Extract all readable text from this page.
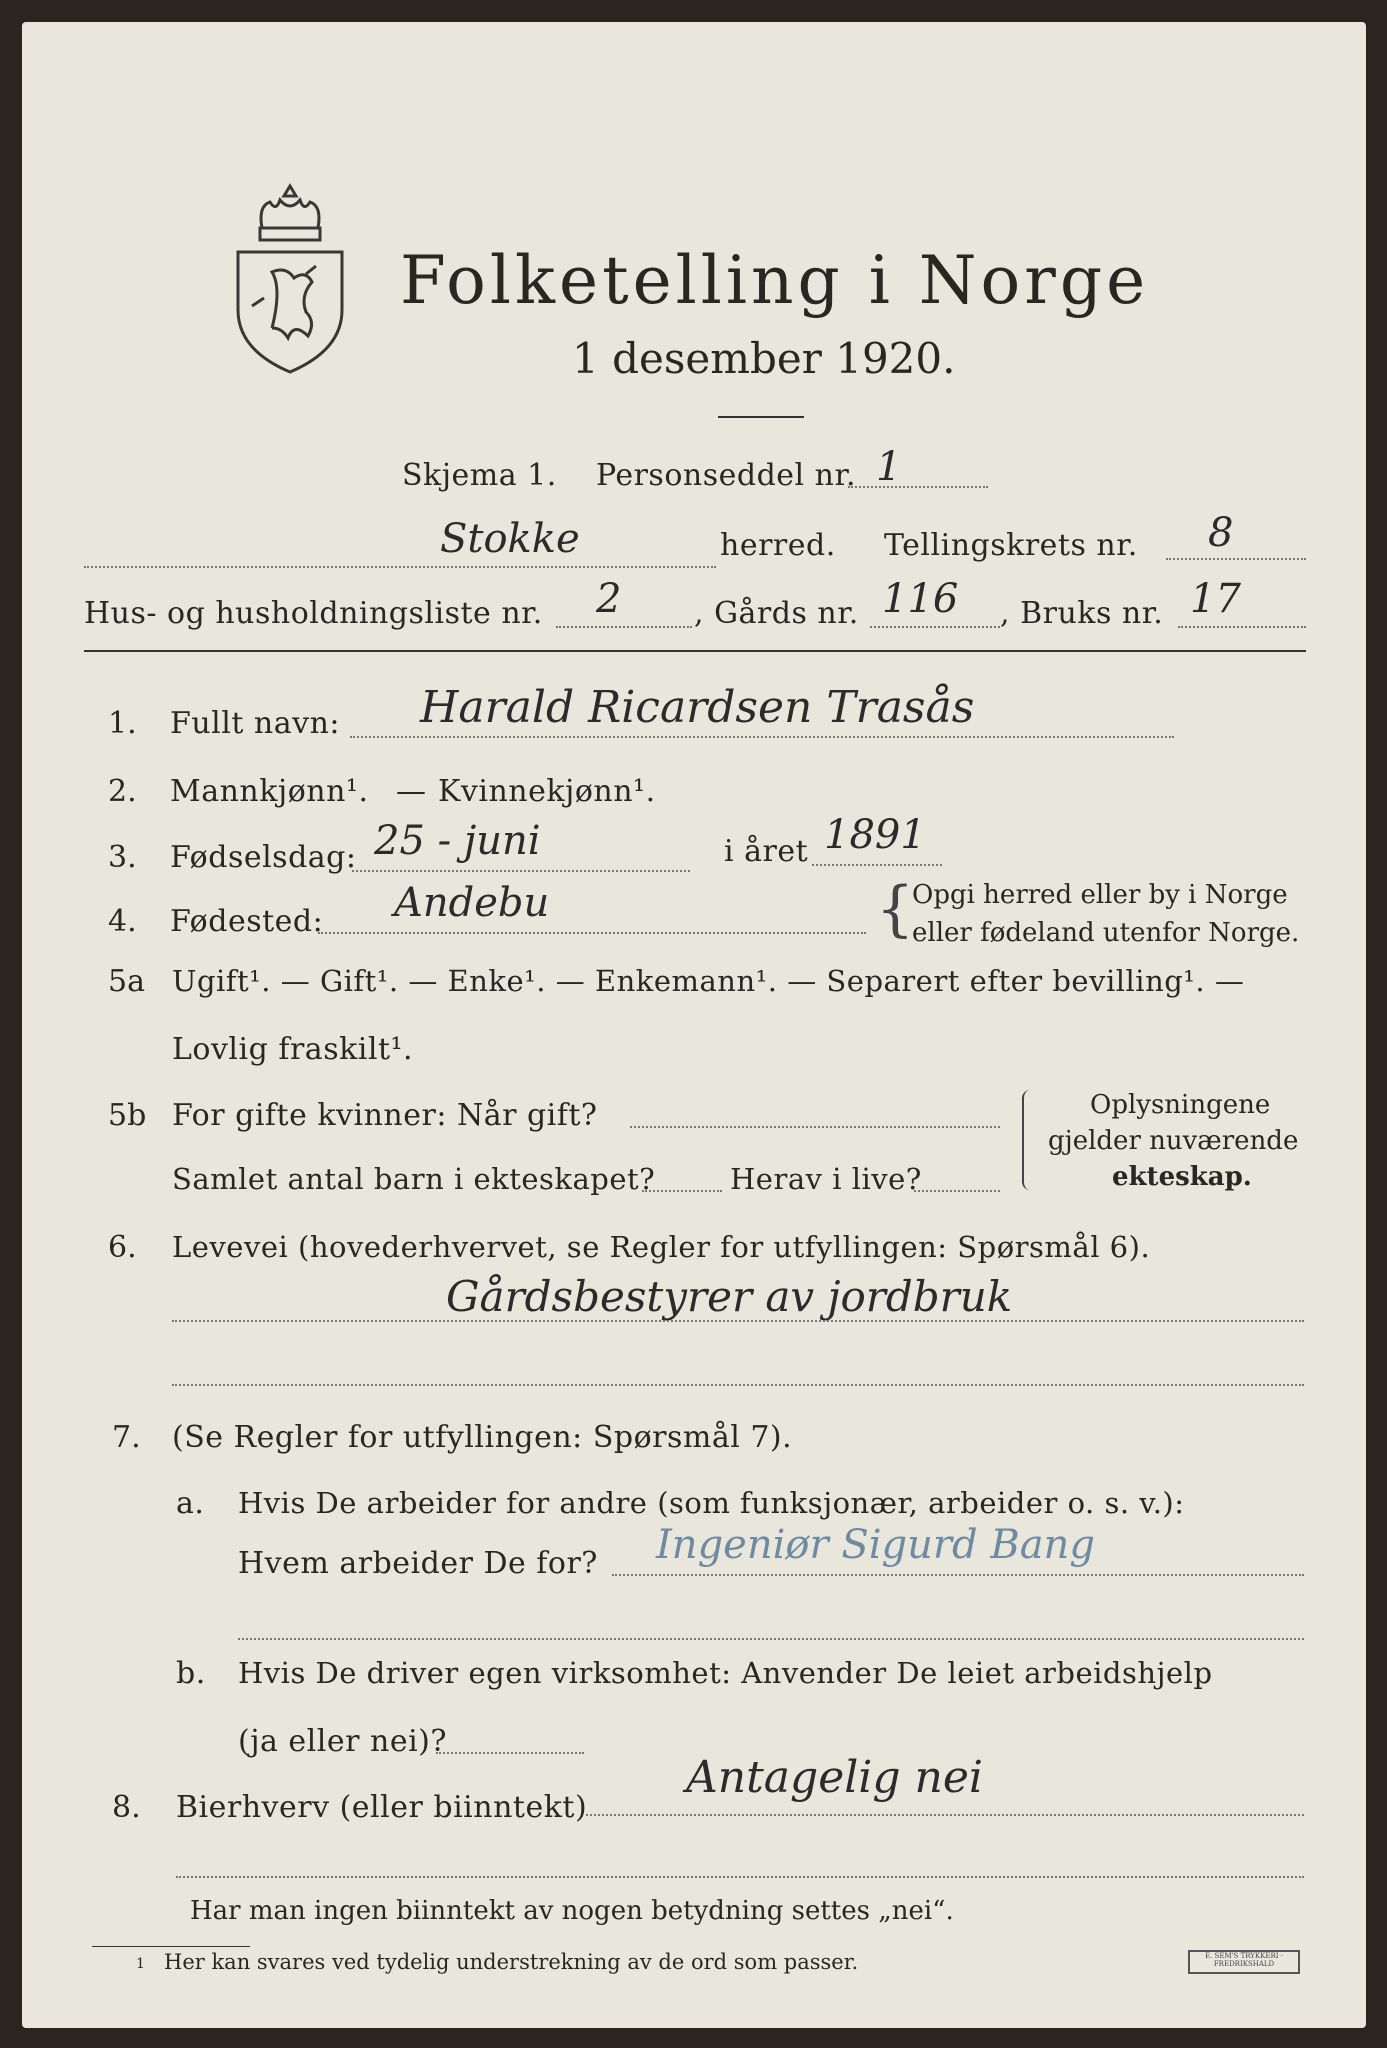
Folketelling i Norge
1 desember 1920.
Skjema 1. Personseddel nr. 1
Stokke	herred. Tellingskrets nr. 8
Hus- og husholdningsliste nr. 2 , Gårds nr. 116 , Bruks nr. 17
1. Fullt navn: Harald Ricardsen Trasås
2. Mannkjønn¹. — Kvinnekjønn¹.
3. Fødselsdag: 25 - juni	i året 1891
4. Fødested: Andebu	{
Opgi herred eller by i Norge
eller fødeland utenfor Norge.
5a Ugift¹. — Gift¹. — Enke¹. — Enkemann¹. — Separert efter bevilling¹. —
Lovlig fraskilt¹.
5b For gifte kvinner: Når gift?
Samlet antal barn i ekteskapet?	Herav i live?
Oplysningene
gjelder nuværende
ekteskap.
6. Levevei (hovederhvervet, se Regler for utfyllingen: Spørsmål 6).
Gårdsbestyrer av jordbruk
7. (Se Regler for utfyllingen: Spørsmål 7).
a. Hvis De arbeider for andre (som funksjonær, arbeider o. s. v.):
Hvem arbeider De for? Ingeniør Sigurd Bang
b. Hvis De driver egen virksomhet: Anvender De leiet arbeidshjelp
(ja eller nei)?
8. Bierhverv (eller biinntekt)
Antagelig nei
Har man ingen biinntekt av nogen betydning settes „nei“.
1 Her kan svares ved tydelig understrekning av de ord som passer.	E. SEM'S TRYKKERI · FREDRIKSHALD
